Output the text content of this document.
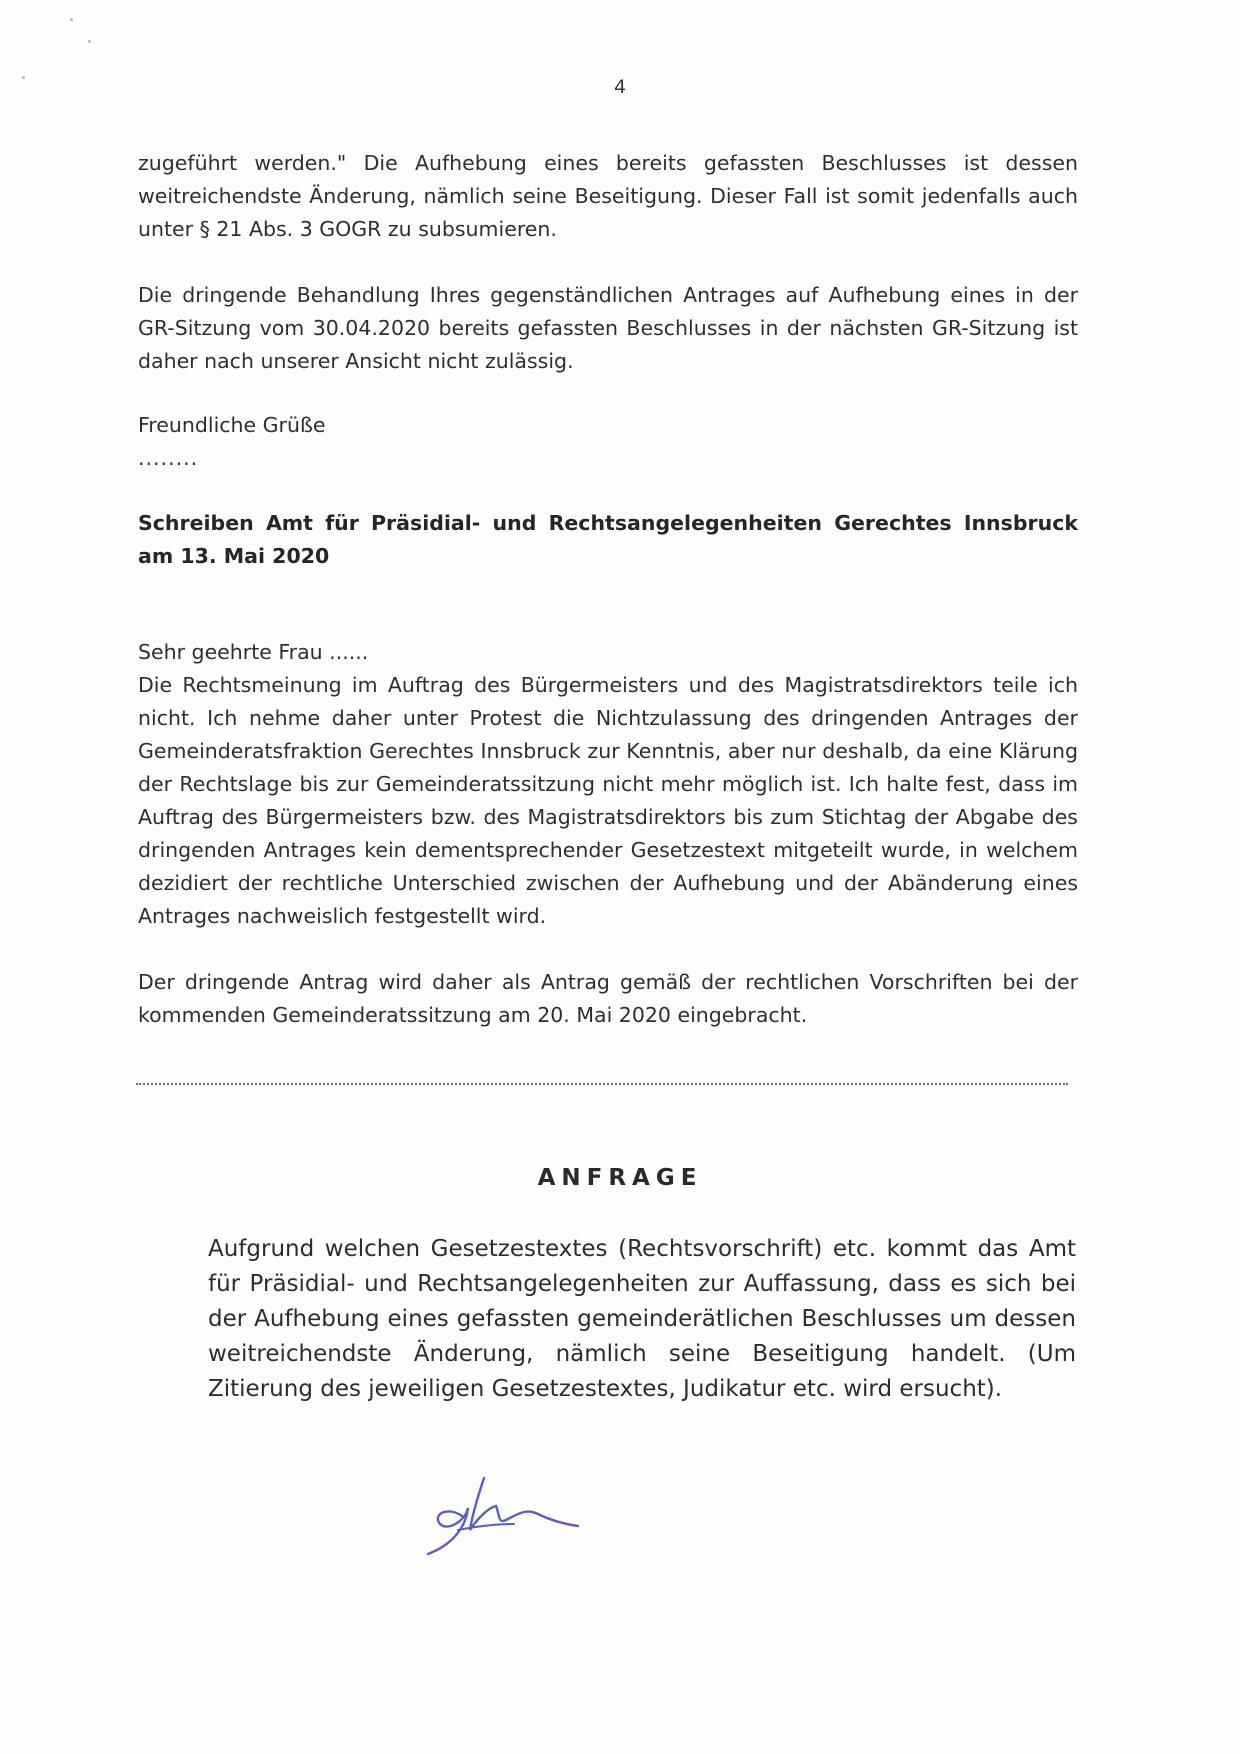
4

zugeführt werden." Die Aufhebung eines bereits gefassten Beschlusses ist dessen weitreichendste Änderung, nämlich seine Beseitigung. Dieser Fall ist somit jedenfalls auch unter § 21 Abs. 3 GOGR zu subsumieren.

Die dringende Behandlung Ihres gegenständlichen Antrages auf Aufhebung eines in der GR-Sitzung vom 30.04.2020 bereits gefassten Beschlusses in der nächsten GR-Sitzung ist daher nach unserer Ansicht nicht zulässig.

Freundliche Grüße

........

Schreiben Amt für Präsidial- und Rechtsangelegenheiten Gerechtes Innsbruck am 13. Mai 2020

Sehr geehrte Frau ......

Die Rechtsmeinung im Auftrag des Bürgermeisters und des Magistratsdirektors teile ich nicht. Ich nehme daher unter Protest die Nichtzulassung des dringenden Antrages der Gemeinderatsfraktion Gerechtes Innsbruck zur Kenntnis, aber nur deshalb, da eine Klärung der Rechtslage bis zur Gemeinderatssitzung nicht mehr möglich ist. Ich halte fest, dass im Auftrag des Bürgermeisters bzw. des Magistratsdirektors bis zum Stichtag der Abgabe des dringenden Antrages kein dementsprechender Gesetzestext mitgeteilt wurde, in welchem dezidiert der rechtliche Unterschied zwischen der Aufhebung und der Abänderung eines Antrages nachweislich festgestellt wird.

Der dringende Antrag wird daher als Antrag gemäß der rechtlichen Vorschriften bei der kommenden Gemeinderatssitzung am 20. Mai 2020 eingebracht.

ANFRAGE
Aufgrund welchen Gesetzestextes (Rechtsvorschrift) etc. kommt das Amt für Präsidial- und Rechtsangelegenheiten zur Auffassung, dass es sich bei der Aufhebung eines gefassten gemeinderätlichen Beschlusses um dessen weitreichendste Änderung, nämlich seine Beseitigung handelt. (Um Zitierung des jeweiligen Gesetzestextes, Judikatur etc. wird ersucht).
